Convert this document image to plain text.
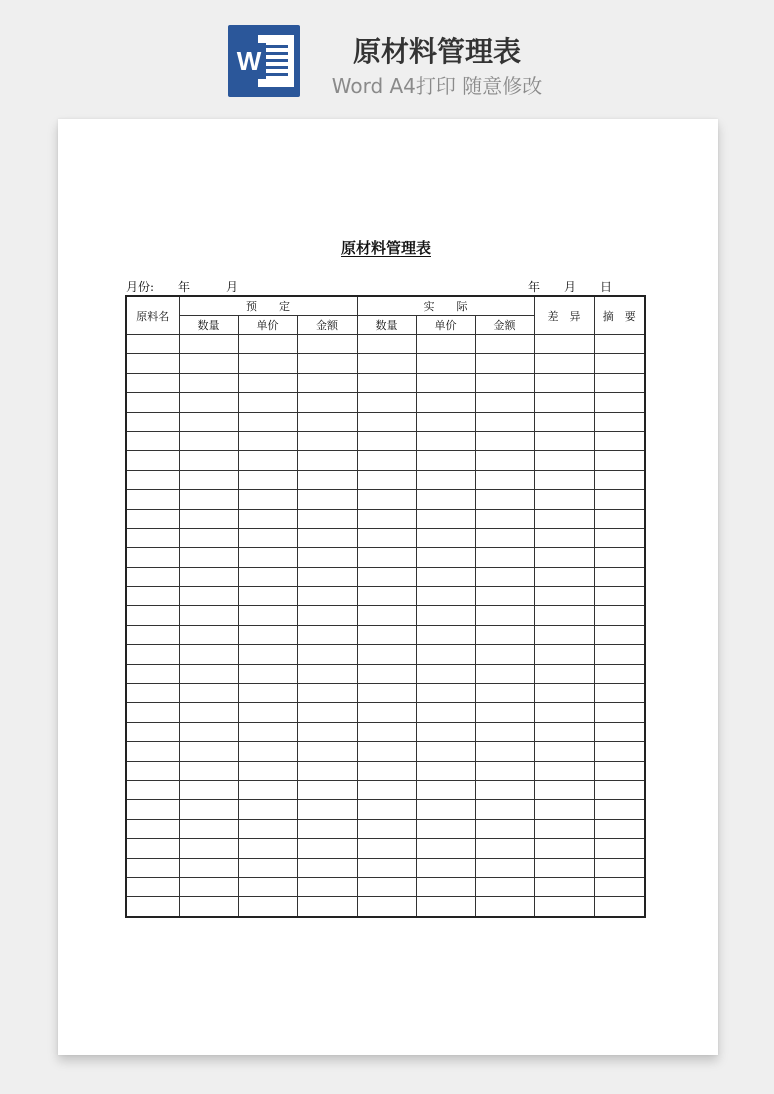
W	原材料管理表
Word A4打印 随意修改
原材料管理表
月份:　　年　　　月	年　　月　　日
原料名	预　　定			实　　际			差　异	摘　要
	数量	单价	金额	数量	单价	金额		
